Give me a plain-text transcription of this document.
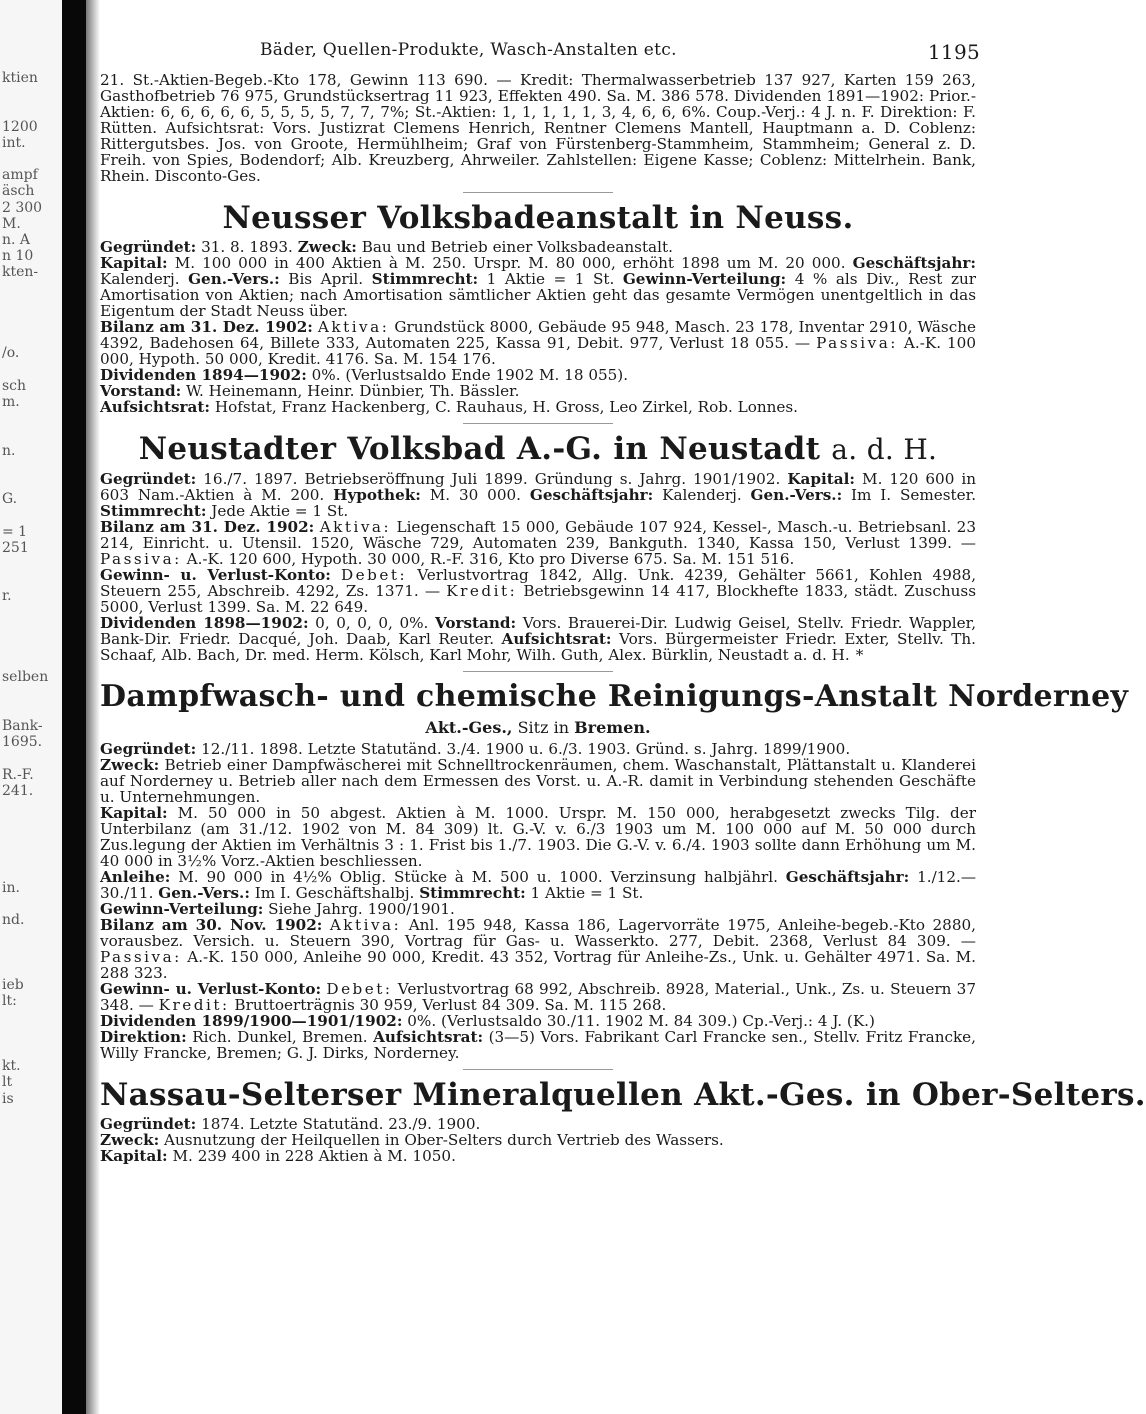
ktien
1200
int.
ampf
äsch
2 300
M.
n. A
n 10
kten-
/o.
sch
m.
n.
G.
= 1
251
r.
selben
Bank-
1695.
R.-F.
241.
in.
nd.
ieb
lt:
kt.
lt
is
Bäder, Quellen-Produkte, Wasch-Anstalten etc.	1195

21. St.-Aktien-Begeb.-Kto 178, Gewinn 113 690. — Kredit: Thermalwasserbetrieb 137 927, Karten 159 263, Gasthofbetrieb 76 975, Grundstücksertrag 11 923, Effekten 490. Sa. M. 386 578. Dividenden 1891—1902: Prior.-Aktien: 6, 6, 6, 6, 6, 5, 5, 5, 5, 7, 7, 7%; St.-Aktien: 1, 1, 1, 1, 1, 3, 4, 6, 6, 6%. Coup.-Verj.: 4 J. n. F. Direktion: F. Rütten. Aufsichtsrat: Vors. Justizrat Clemens Henrich, Rentner Clemens Mantell, Hauptmann a. D. Coblenz: Rittergutsbes. Jos. von Groote, Hermühlheim; Graf von Fürstenberg-Stammheim, Stammheim; General z. D. Freih. von Spies, Bodendorf; Alb. Kreuzberg, Ahrweiler. Zahlstellen: Eigene Kasse; Coblenz: Mittelrhein. Bank, Rhein. Disconto-Ges.

Neusser Volksbadeanstalt in Neuss.

Gegründet: 31. 8. 1893. Zweck: Bau und Betrieb einer Volksbadeanstalt.

Kapital: M. 100 000 in 400 Aktien à M. 250. Urspr. M. 80 000, erhöht 1898 um M. 20 000. Geschäftsjahr: Kalenderj. Gen.-Vers.: Bis April. Stimmrecht: 1 Aktie = 1 St. Gewinn-Verteilung: 4 % als Div., Rest zur Amortisation von Aktien; nach Amortisation sämtlicher Aktien geht das gesamte Vermögen unentgeltlich in das Eigentum der Stadt Neuss über.

Bilanz am 31. Dez. 1902: Aktiva: Grundstück 8000, Gebäude 95 948, Masch. 23 178, Inventar 2910, Wäsche 4392, Badehosen 64, Billete 333, Automaten 225, Kassa 91, Debit. 977, Verlust 18 055. — Passiva: A.-K. 100 000, Hypoth. 50 000, Kredit. 4176. Sa. M. 154 176.

Dividenden 1894—1902: 0%. (Verlustsaldo Ende 1902 M. 18 055).

Vorstand: W. Heinemann, Heinr. Dünbier, Th. Bässler.

Aufsichtsrat: Hofstat, Franz Hackenberg, C. Rauhaus, H. Gross, Leo Zirkel, Rob. Lonnes.

Neustadter Volksbad A.-G. in Neustadt a. d. H.

Gegründet: 16./7. 1897. Betriebseröffnung Juli 1899. Gründung s. Jahrg. 1901/1902. Kapital: M. 120 600 in 603 Nam.-Aktien à M. 200. Hypothek: M. 30 000. Geschäftsjahr: Kalenderj. Gen.-Vers.: Im I. Semester. Stimmrecht: Jede Aktie = 1 St.

Bilanz am 31. Dez. 1902: Aktiva: Liegenschaft 15 000, Gebäude 107 924, Kessel-, Masch.-u. Betriebsanl. 23 214, Einricht. u. Utensil. 1520, Wäsche 729, Automaten 239, Bankguth. 1340, Kassa 150, Verlust 1399. — Passiva: A.-K. 120 600, Hypoth. 30 000, R.-F. 316, Kto pro Diverse 675. Sa. M. 151 516.

Gewinn- u. Verlust-Konto: Debet: Verlustvortrag 1842, Allg. Unk. 4239, Gehälter 5661, Kohlen 4988, Steuern 255, Abschreib. 4292, Zs. 1371. — Kredit: Betriebsgewinn 14 417, Blockhefte 1833, städt. Zuschuss 5000, Verlust 1399. Sa. M. 22 649.

Dividenden 1898—1902: 0, 0, 0, 0, 0%. Vorstand: Vors. Brauerei-Dir. Ludwig Geisel, Stellv. Friedr. Wappler, Bank-Dir. Friedr. Dacqué, Joh. Daab, Karl Reuter. Aufsichtsrat: Vors. Bürgermeister Friedr. Exter, Stellv. Th. Schaaf, Alb. Bach, Dr. med. Herm. Kölsch, Karl Mohr, Wilh. Guth, Alex. Bürklin, Neustadt a. d. H. *

Dampfwasch- und chemische Reinigungs-Anstalt Norderney
Akt.-Ges., Sitz in Bremen.

Gegründet: 12./11. 1898. Letzte Statutänd. 3./4. 1900 u. 6./3. 1903. Gründ. s. Jahrg. 1899/1900.

Zweck: Betrieb einer Dampfwäscherei mit Schnelltrockenräumen, chem. Waschanstalt, Plättanstalt u. Klanderei auf Norderney u. Betrieb aller nach dem Ermessen des Vorst. u. A.-R. damit in Verbindung stehenden Geschäfte u. Unternehmungen.

Kapital: M. 50 000 in 50 abgest. Aktien à M. 1000. Urspr. M. 150 000, herabgesetzt zwecks Tilg. der Unterbilanz (am 31./12. 1902 von M. 84 309) lt. G.-V. v. 6./3 1903 um M. 100 000 auf M. 50 000 durch Zus.legung der Aktien im Verhältnis 3 : 1. Frist bis 1./7. 1903. Die G.-V. v. 6./4. 1903 sollte dann Erhöhung um M. 40 000 in 3½% Vorz.-Aktien beschliessen.

Anleihe: M. 90 000 in 4½% Oblig. Stücke à M. 500 u. 1000. Verzinsung halbjährl. Geschäftsjahr: 1./12.—30./11. Gen.-Vers.: Im I. Geschäftshalbj. Stimmrecht: 1 Aktie = 1 St.

Gewinn-Verteilung: Siehe Jahrg. 1900/1901.

Bilanz am 30. Nov. 1902: Aktiva: Anl. 195 948, Kassa 186, Lagervorräte 1975, Anleihe-begeb.-Kto 2880, vorausbez. Versich. u. Steuern 390, Vortrag für Gas- u. Wasserkto. 277, Debit. 2368, Verlust 84 309. — Passiva: A.-K. 150 000, Anleihe 90 000, Kredit. 43 352, Vortrag für Anleihe-Zs., Unk. u. Gehälter 4971. Sa. M. 288 323.

Gewinn- u. Verlust-Konto: Debet: Verlustvortrag 68 992, Abschreib. 8928, Material., Unk., Zs. u. Steuern 37 348. — Kredit: Bruttoerträgnis 30 959, Verlust 84 309. Sa. M. 115 268.

Dividenden 1899/1900—1901/1902: 0%. (Verlustsaldo 30./11. 1902 M. 84 309.) Cp.-Verj.: 4 J. (K.)

Direktion: Rich. Dunkel, Bremen. Aufsichtsrat: (3—5) Vors. Fabrikant Carl Francke sen., Stellv. Fritz Francke, Willy Francke, Bremen; G. J. Dirks, Norderney.

Nassau-Selterser Mineralquellen Akt.-Ges. in Ober-Selters.

Gegründet: 1874. Letzte Statutänd. 23./9. 1900.

Zweck: Ausnutzung der Heilquellen in Ober-Selters durch Vertrieb des Wassers.

Kapital: M. 239 400 in 228 Aktien à M. 1050.
